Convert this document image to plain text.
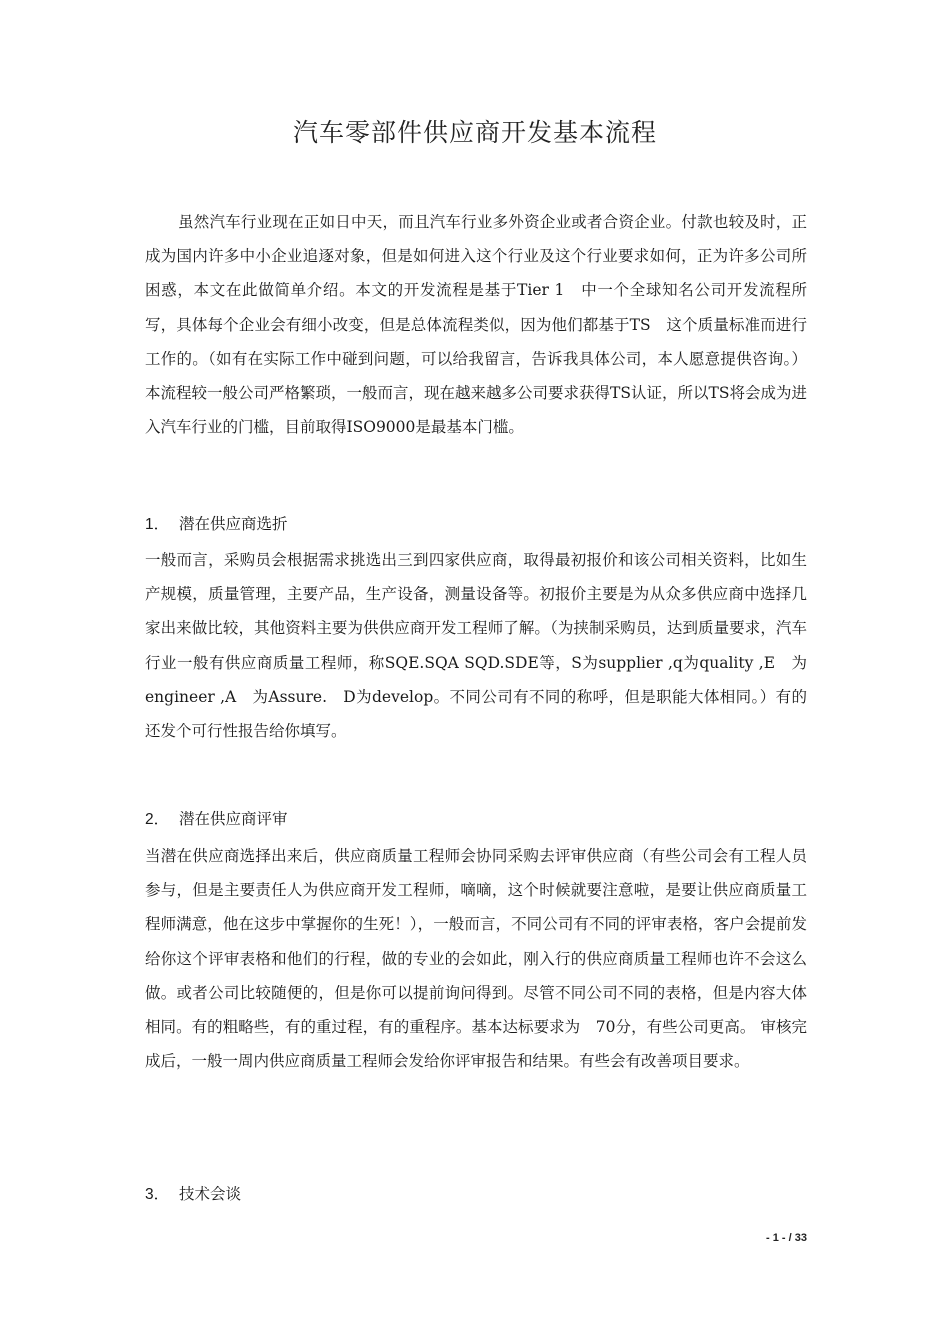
汽车零部件供应商开发基本流程
虽然汽车行业现在正如日中天，而且汽车行业多外资企业或者合资企业。付款也较及时，正成为国内许多中小企业追逐对象，但是如何进入这个行业及这个行业要求如何，正为许多公司所困惑，本文在此做简单介绍。本文的开发流程是基于Tier 1　中一个全球知名公司开发流程所写，具体每个企业会有细小改变，但是总体流程类似，因为他们都基于TS　这个质量标准而进行工作的。（如有在实际工作中碰到问题，可以给我留言，告诉我具体公司，本人愿意提供咨询。）本流程较一般公司严格繁琐，一般而言，现在越来越多公司要求获得TS认证，所以TS将会成为进入汽车行业的门槛，目前取得ISO9000是最基本门槛。
1． 潜在供应商选折
一般而言，采购员会根据需求挑选出三到四家供应商，取得最初报价和该公司相关资料，比如生产规模，质量管理，主要产品，生产设备，测量设备等。初报价主要是为从众多供应商中选择几家出来做比较，其他资料主要为供供应商开发工程师了解。（为挟制采购员，达到质量要求，汽车行业一般有供应商质量工程师，称SQE.SQA SQD.SDE等，S为supplier ,q为quality ,E　为engineer ,A　为Assure.　D为develop。不同公司有不同的称呼，但是职能大体相同。）有的还发个可行性报告给你填写。
2． 潜在供应商评审
当潜在供应商选择出来后，供应商质量工程师会协同采购去评审供应商（有些公司会有工程人员参与，但是主要责任人为供应商开发工程师，嘀嘀，这个时候就要注意啦，是要让供应商质量工程师满意，他在这步中掌握你的生死！），一般而言，不同公司有不同的评审表格，客户会提前发给你这个评审表格和他们的行程，做的专业的会如此，刚入行的供应商质量工程师也许不会这么做。或者公司比较随便的，但是你可以提前询问得到。尽管不同公司不同的表格，但是内容大体相同。有的粗略些，有的重过程，有的重程序。基本达标要求为　70分，有些公司更高。 审核完成后，一般一周内供应商质量工程师会发给你评审报告和结果。有些会有改善项目要求。
3． 技术会谈
- 1 - / 33
